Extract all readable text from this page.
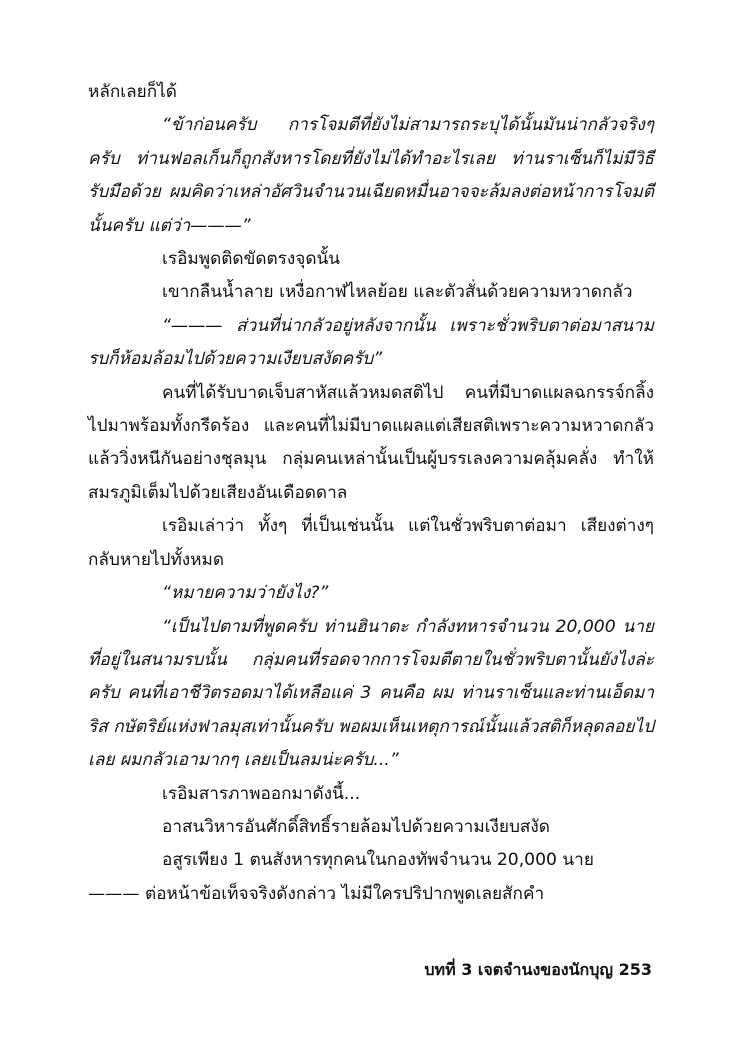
หลักเลยก็ได้

“ข้าก่อนครับ การโจมตีที่ยังไม่สามารถระบุได้นั้นมันน่ากลัวจริงๆ ครับ ท่านฟอลเก็นก็ถูกสังหารโดยที่ยังไม่ได้ทำอะไรเลย ท่านราเซ็นก็ไม่มีวิธีรับมือด้วย ผมคิดว่าเหล่าอัศวินจำนวนเฉียดหมื่นอาจจะล้มลงต่อหน้าการโจมตีนั้นครับ แต่ว่า———”

เรอิมพูดติดขัดตรงจุดนั้น

เขากลืนน้ำลาย เหงื่อกาฬไหลย้อย และตัวสั่นด้วยความหวาดกลัว

“——— ส่วนที่น่ากลัวอยู่หลังจากนั้น เพราะชั่วพริบตาต่อมาสนามรบก็ห้อมล้อมไปด้วยความเงียบสงัดครับ”

คนที่ได้รับบาดเจ็บสาหัสแล้วหมดสติไป คนที่มีบาดแผลฉกรรจ์กลิ้งไปมาพร้อมทั้งกรีดร้อง และคนที่ไม่มีบาดแผลแต่เสียสติเพราะความหวาดกลัวแล้ววิ่งหนีกันอย่างชุลมุน กลุ่มคนเหล่านั้นเป็นผู้บรรเลงความคลุ้มคลั่ง ทำให้สมรภูมิเต็มไปด้วยเสียงอันเดือดดาล

เรอิมเล่าว่า ทั้งๆ ที่เป็นเช่นนั้น แต่ในชั่วพริบตาต่อมา เสียงต่างๆ กลับหายไปทั้งหมด

“หมายความว่ายังไง?”

“เป็นไปตามที่พูดครับ ท่านฮินาตะ กำลังทหารจำนวน 20,000 นายที่อยู่ในสนามรบนั้น กลุ่มคนที่รอดจากการโจมตีตายในชั่วพริบตานั้นยังไงล่ะครับ คนที่เอาชีวิตรอดมาได้เหลือแค่ 3 คนคือ ผม ท่านราเซ็นและท่านเอ็ดมาริส กษัตริย์แห่งฟาลมุสเท่านั้นครับ พอผมเห็นเหตุการณ์นั้นแล้วสติก็หลุดลอยไปเลย ผมกลัวเอามากๆ เลยเป็นลมน่ะครับ...”

เรอิมสารภาพออกมาดังนี้...

อาสนวิหารอันศักดิ์สิทธิ์รายล้อมไปด้วยความเงียบสงัด

อสูรเพียง 1 ตนสังหารทุกคนในกองทัพจำนวน 20,000 นาย

——— ต่อหน้าข้อเท็จจริงดังกล่าว ไม่มีใครปริปากพูดเลยสักคำ

บทที่ 3 เจตจำนงของนักบุญ 253
